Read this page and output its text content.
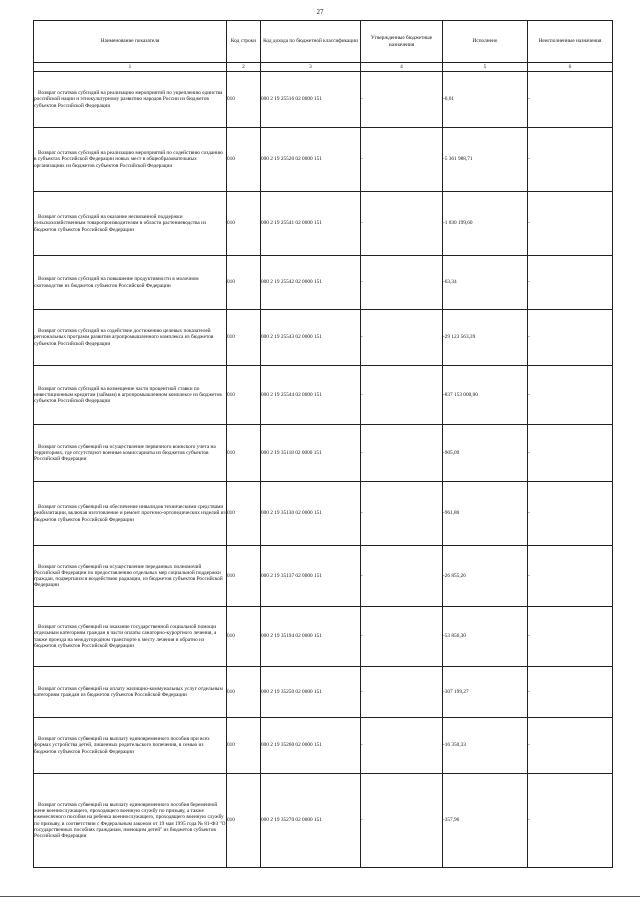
27
Наименование показателя	Код строки	Код дохода по бюджетной классификации	Утвержденные бюджетные назначения	Исполнено	Неисполненные назначения
1	2	3	4	5	6

Возврат остатков субсидий на реализацию мероприятий по укреплению единства российской нации и этнокультурному развитию народов России из бюджетов субъектов Российской Федерации	010	000 2 19 25516 02 0000 151	-	-0,01	-

Возврат остатков субсидий на реализацию мероприятий по содействию созданию в субъектах Российской Федерации новых мест в общеобразовательных организациях из бюджетов субъектов Российской Федерации	010	000 2 19 25520 02 0000 151	-	-5 361 988,71	-

Возврат остатков субсидий на оказание несвязанной поддержки сельскохозяйственным товаропроизводителям в области растениеводства из бюджетов субъектов Российской Федерации	010	000 2 19 25541 02 0000 151	-	-1 030 199,60	-

Возврат остатков субсидий на повышение продуктивности в молочном скотоводстве из бюджетов субъектов Российской Федерации	010	000 2 19 25542 02 0000 151	-	-63,34	-

Возврат остатков субсидий на содействие достижению целевых показателей региональных программ развития агропромышленного комплекса из бюджетов субъектов Российской Федерации	010	000 2 19 25543 02 0000 151	-	-29 123 563,39	-

Возврат остатков субсидий на возмещение части процентной ставки по инвестиционным кредитам (займам) в агропромышленном комплексе из бюджетов субъектов Российской Федерации	010	000 2 19 25544 02 0000 151	-	-837 153 000,00	-

Возврат остатков субвенций на осуществление первичного воинского учета на территориях, где отсутствуют военные комиссариаты из бюджетов субъектов Российской Федерации	010	000 2 19 35118 02 0000 151	-	-905,09	-

Возврат остатков субвенций на обеспечение инвалидов техническими средствами реабилитации, включая изготовление и ремонт протезно-ортопедических изделий из бюджетов субъектов Российской Федерации	010	000 2 19 35130 02 0000 151	-	-961,80	-

Возврат остатков субвенций на осуществление переданных полномочий Российской Федерации по предоставлению отдельных мер социальной поддержки граждан, подвергшихся воздействию радиации, из бюджетов субъектов Российской Федерации	010	000 2 19 35137 02 0000 151	-	-26 855,26	-

Возврат остатков субвенций на оказание государственной социальной помощи отдельным категориям граждан в части оплаты санаторно-курортного лечения, а также проезда на междугородном транспорте к месту лечения и обратно из бюджетов субъектов Российской Федерации	010	000 2 19 35194 02 0000 151	-	-53 856,30	-

Возврат остатков субвенций на оплату жилищно-коммунальных услуг отдельным категориям граждан из бюджетов субъектов Российской Федерации	010	000 2 19 35250 02 0000 151	-	-307 199,27	-

Возврат остатков субвенций на выплату единовременного пособия при всех формах устройства детей, лишенных родительского попечения, в семью из бюджетов субъектов Российской Федерации	010	000 2 19 35260 02 0000 151	-	-16 350,33	-

Возврат остатков субвенций на выплату единовременного пособия беременной жене военнослужащего, проходящего военную службу по призыву, а также ежемесячного пособия на ребенка военнослужащего, проходящего военную службу по призыву, в соответствии с Федеральным законом от 19 мая 1995 года № 81-ФЗ "О государственных пособиях гражданам, имеющим детей" из бюджетов субъектов Российской Федерации	010	000 2 19 35270 02 0000 151	-	-357,96	-
